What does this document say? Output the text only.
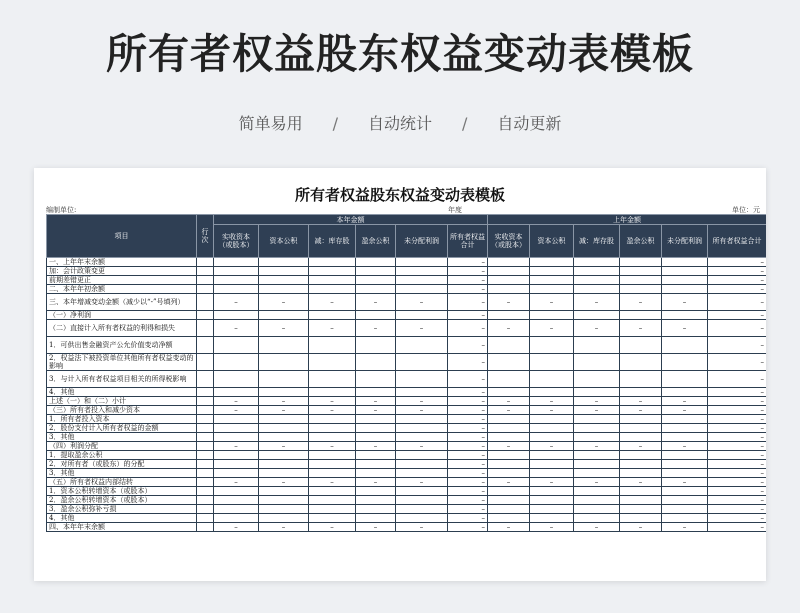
所有者权益股东权益变动表模板
简单易用 / 自动统计 / 自动更新
所有者权益股东权益变动表模板
编制单位:	年度	单位：元
项目	行次	本年金额						上年金额					
		实收资本（或股本）	资本公积	减：库存股	盈余公积	未分配利润	所有者权益合计	实收资本（或股本）	资本公积	减：库存股	盈余公积	未分配利润	所有者权益合计
一、上年年末余额							–						–
加：会计政策变更							–						–
前期差错更正							–						–
二、本年年初余额							–						–
三、本年增减变动金额（减少以“-”号填列）		–	–	–	–	–	–	–	–	–	–	–	–
（一）净利润							–						–
（二）直接计入所有者权益的利得和损失		–	–	–	–	–	–	–	–	–	–	–	–
1．可供出售金融资产公允价值变动净额							–						–
2．权益法下被投资单位其他所有者权益变动的影响							–						–
3．与计入所有者权益项目相关的所得税影响							–						–
4．其他							–						–
上述（一）和（二）小计		–	–	–	–	–	–	–	–	–	–	–	–
（三）所有者投入和减少资本		–	–	–	–	–	–	–	–	–	–	–	–
1．所有者投入资本							–						–
2．股份支付计入所有者权益的金额							–						–
3．其他							–						–
（四）利润分配		–	–	–	–	–	–	–	–	–	–	–	–
1．提取盈余公积							–						–
2．对所有者（或股东）的分配							–						–
3．其他							–						–
（五）所有者权益内部结转		–	–	–	–	–	–	–	–	–	–	–	–
1．资本公积转增资本（或股本）							–						–
2．盈余公积转增资本（或股本）							–						–
3．盈余公积弥补亏损							–						–
4．其他							–						–
四、本年年末余额		–	–	–	–	–	–	–	–	–	–	–	–
